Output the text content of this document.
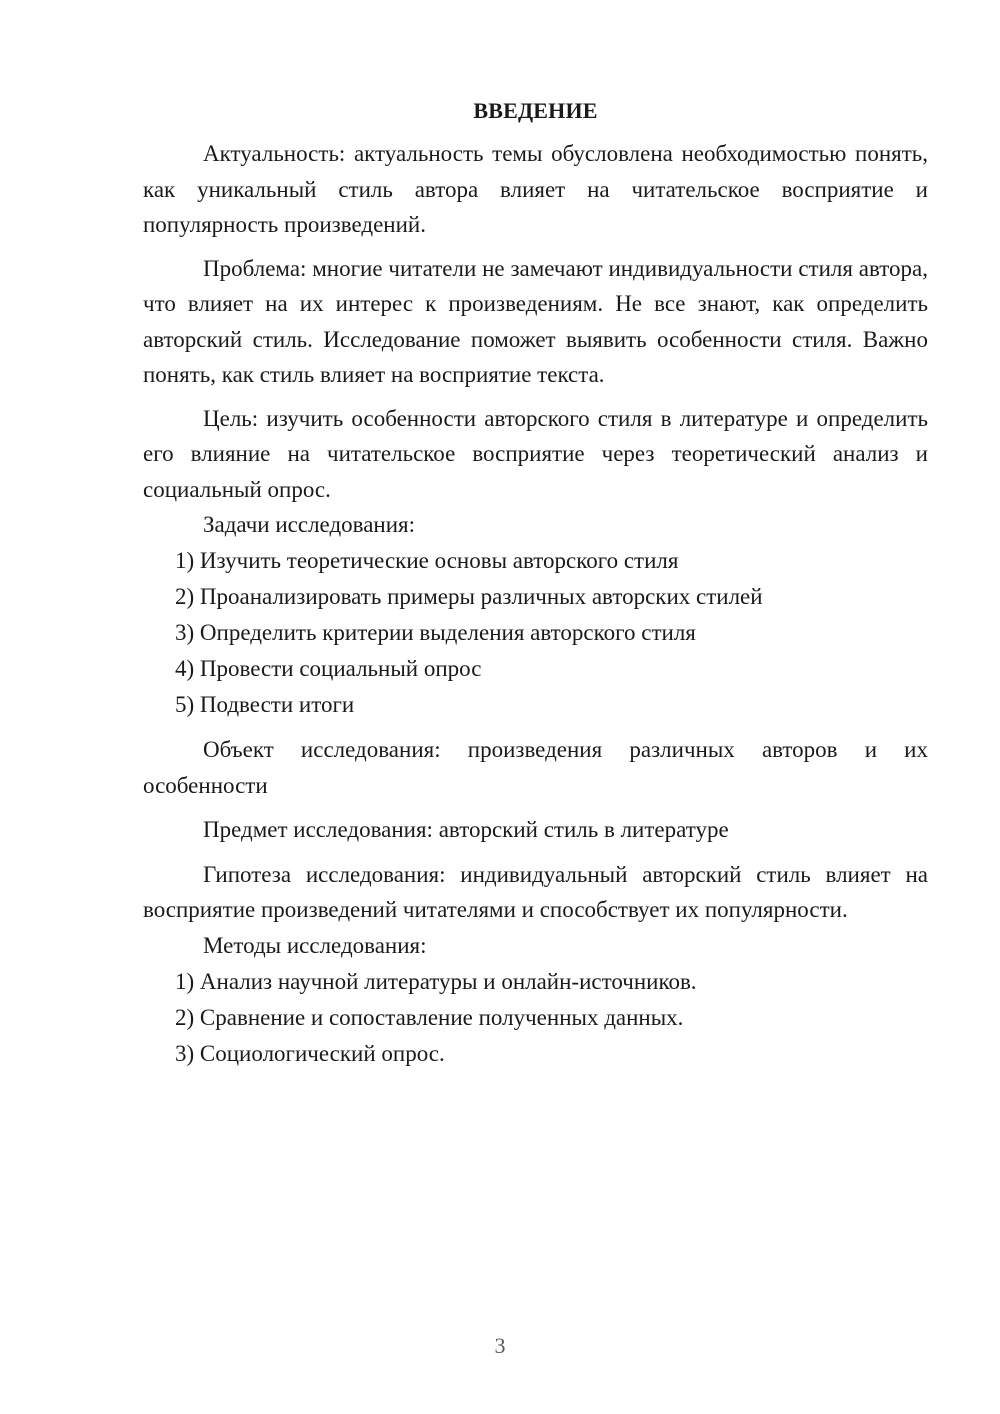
ВВЕДЕНИЕ

Актуальность: актуальность темы обусловлена необходимостью понять, как уникальный стиль автора влияет на читательское восприятие и популярность произведений.

Проблема: многие читатели не замечают индивидуальности стиля автора, что влияет на их интерес к произведениям. Не все знают, как определить авторский стиль. Исследование поможет выявить особенности стиля. Важно понять, как стиль влияет на восприятие текста.

Цель: изучить особенности авторского стиля в литературе и определить его влияние на читательское восприятие через теоретический анализ и социальный опрос.

Задачи исследования:

1) Изучить теоретические основы авторского стиля
2) Проанализировать примеры различных авторских стилей
3) Определить критерии выделения авторского стиля
4) Провести социальный опрос
5) Подвести итоги

Объект исследования: произведения различных авторов и их особенности

Предмет исследования: авторский стиль в литературе

Гипотеза исследования: индивидуальный авторский стиль влияет на восприятие произведений читателями и способствует их популярности.

Методы исследования:

1) Анализ научной литературы и онлайн-источников.
2) Сравнение и сопоставление полученных данных.
3) Социологический опрос.
3
